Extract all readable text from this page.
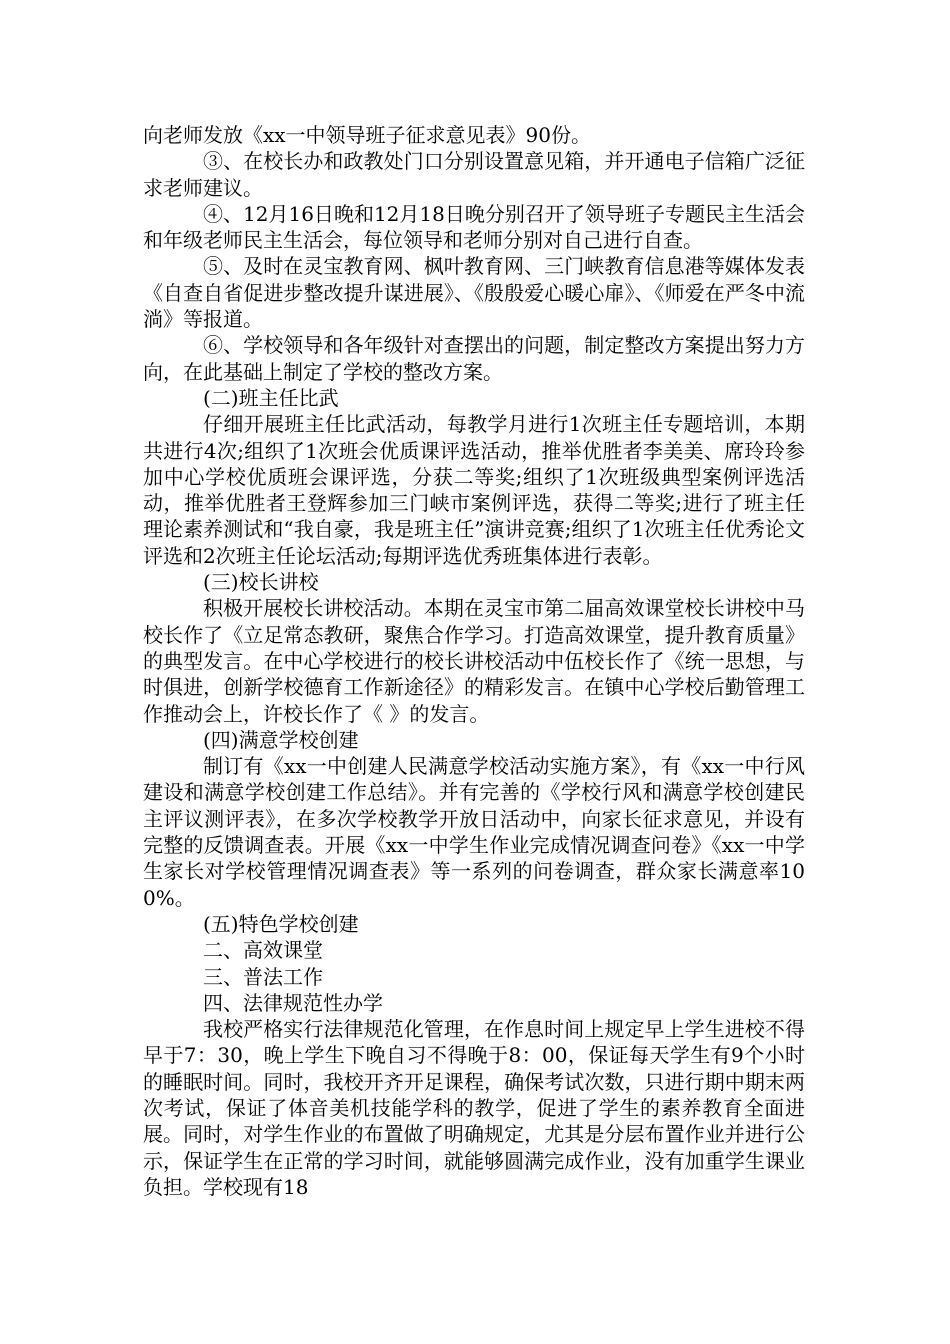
向老师发放《xx一中领导班子征求意见表》90份。

③、在校长办和政教处门口分别设置意见箱，并开通电子信箱广泛征求老师建议。

④、12月16日晚和12月18日晚分别召开了领导班子专题民主生活会和年级老师民主生活会，每位领导和老师分别对自己进行自查。

⑤、及时在灵宝教育网、枫叶教育网、三门峡教育信息港等媒体发表《自查自省促进步整改提升谋进展》、《殷殷爱心暖心扉》、《师爱在严冬中流淌》等报道。

⑥、学校领导和各年级针对查摆出的问题，制定整改方案提出努力方向，在此基础上制定了学校的整改方案。

(二)班主任比武

仔细开展班主任比武活动，每教学月进行1次班主任专题培训，本期共进行4次;组织了1次班会优质课评选活动，推举优胜者李美美、席玲玲参加中心学校优质班会课评选，分获二等奖;组织了1次班级典型案例评选活动，推举优胜者王登辉参加三门峡市案例评选，获得二等奖;进行了班主任理论素养测试和“我自豪，我是班主任”演讲竞赛;组织了1次班主任优秀论文评选和2次班主任论坛活动;每期评选优秀班集体进行表彰。

(三)校长讲校

积极开展校长讲校活动。本期在灵宝市第二届高效课堂校长讲校中马校长作了《立足常态教研，聚焦合作学习。打造高效课堂，提升教育质量》的典型发言。在中心学校进行的校长讲校活动中伍校长作了《统一思想，与时俱进，创新学校德育工作新途径》的精彩发言。在镇中心学校后勤管理工作推动会上，许校长作了《 》的发言。

(四)满意学校创建

制订有《xx一中创建人民满意学校活动实施方案》，有《xx一中行风建设和满意学校创建工作总结》。并有完善的《学校行风和满意学校创建民主评议测评表》，在多次学校教学开放日活动中，向家长征求意见，并设有完整的反馈调查表。开展《xx一中学生作业完成情况调查问卷》《xx一中学生家长对学校管理情况调查表》等一系列的问卷调查，群众家长满意率100%。

(五)特色学校创建

二、高效课堂

三、普法工作

四、法律规范性办学

我校严格实行法律规范化管理，在作息时间上规定早上学生进校不得早于7：30，晚上学生下晚自习不得晚于8：00，保证每天学生有9个小时的睡眠时间。同时，我校开齐开足课程，确保考试次数，只进行期中期末两次考试，保证了体音美机技能学科的教学，促进了学生的素养教育全面进展。同时，对学生作业的布置做了明确规定，尤其是分层布置作业并进行公示，保证学生在正常的学习时间，就能够圆满完成作业，没有加重学生课业负担。学校现有18
